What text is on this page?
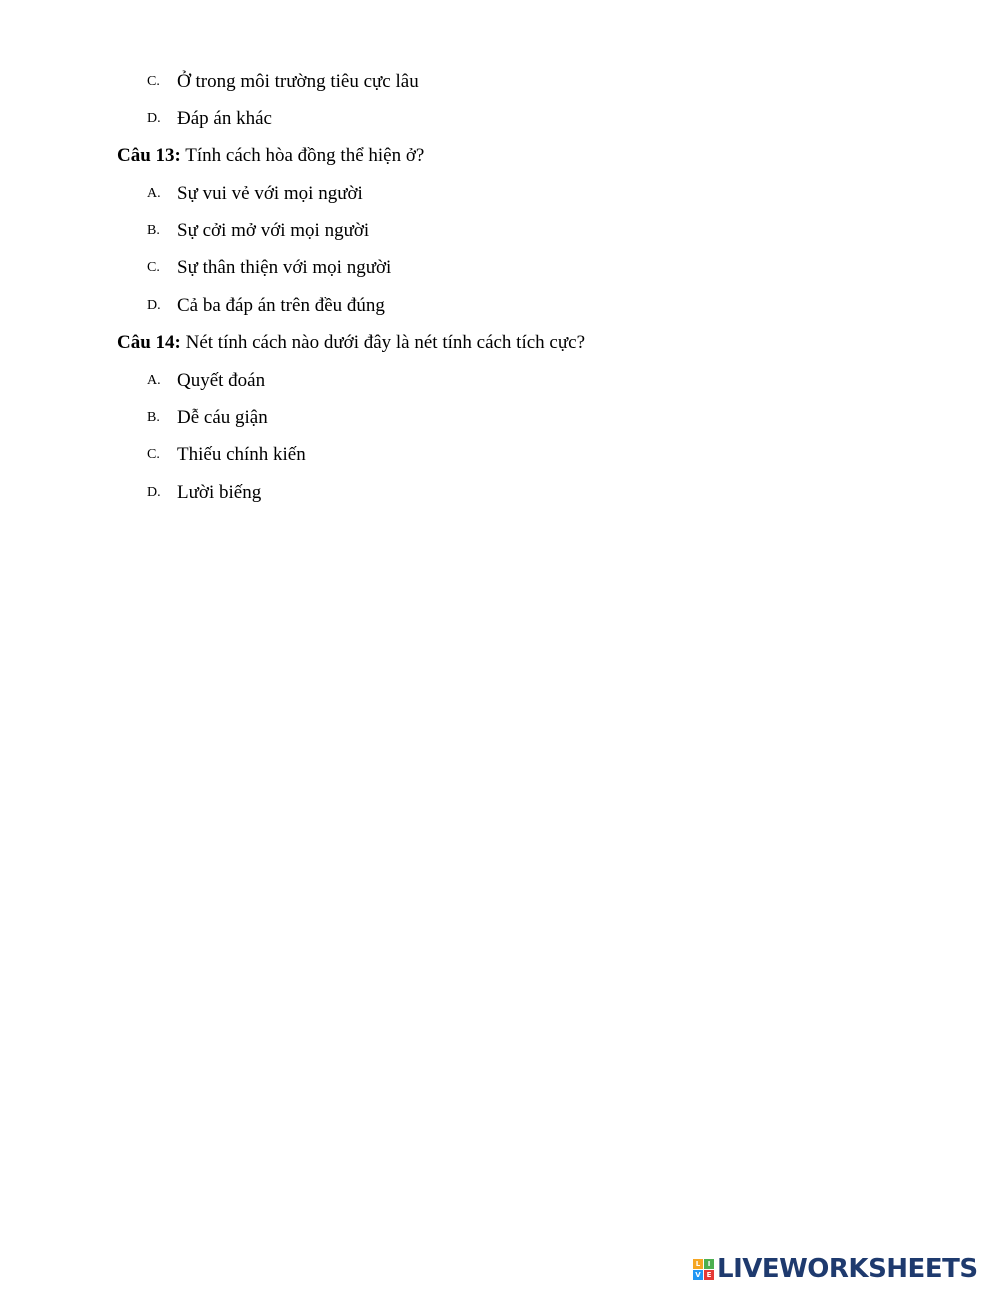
C. Ở trong môi trường tiêu cực lâu
D. Đáp án khác
Câu 13: Tính cách hòa đồng thể hiện ở?
A. Sự vui vẻ với mọi người
B. Sự cởi mở với mọi người
C. Sự thân thiện với mọi người
D. Cả ba đáp án trên đều đúng
Câu 14: Nét tính cách nào dưới đây là nét tính cách tích cực?
A. Quyết đoán
B. Dễ cáu giận
C. Thiếu chính kiến
D. Lười biếng
L	I
V E LIVEWORKSHEETS
